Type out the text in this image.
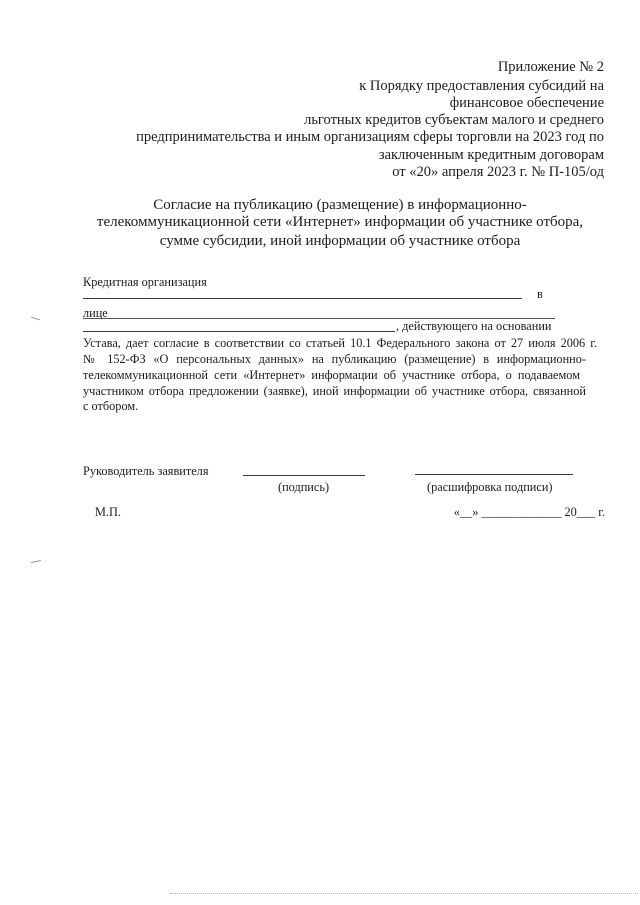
Приложение № 2
к Порядку предоставления субсидий на
финансовое обеспечение
льготных кредитов субъектам малого и среднего
предпринимательства и иным организациям сферы торговли на 2023 год по
заключенным кредитным договорам
от «20» апреля 2023 г. № П-105/од
Согласие на публикацию (размещение) в информационно-
телекоммуникационной сети «Интернет» информации об участнике отбора,
сумме субсидии, иной информации об участнике отбора
Кредитная организация
в
лице
, действующего на основании
Устава, дает согласие в соответствии со статьей 10.1 Федерального закона от 27 июля 2006 г.
№ 152-ФЗ «О персональных данных» на публикацию (размещение) в информационно-
телекоммуникационной сети «Интернет» информации об участнике отбора, о подаваемом
участником отбора предложении (заявке), иной информации об участнике отбора, связанной
с отбором.
Руководитель заявителя
(подпись)	(расшифровка подписи)
М.П.	«__» _____________ 20___ г.
